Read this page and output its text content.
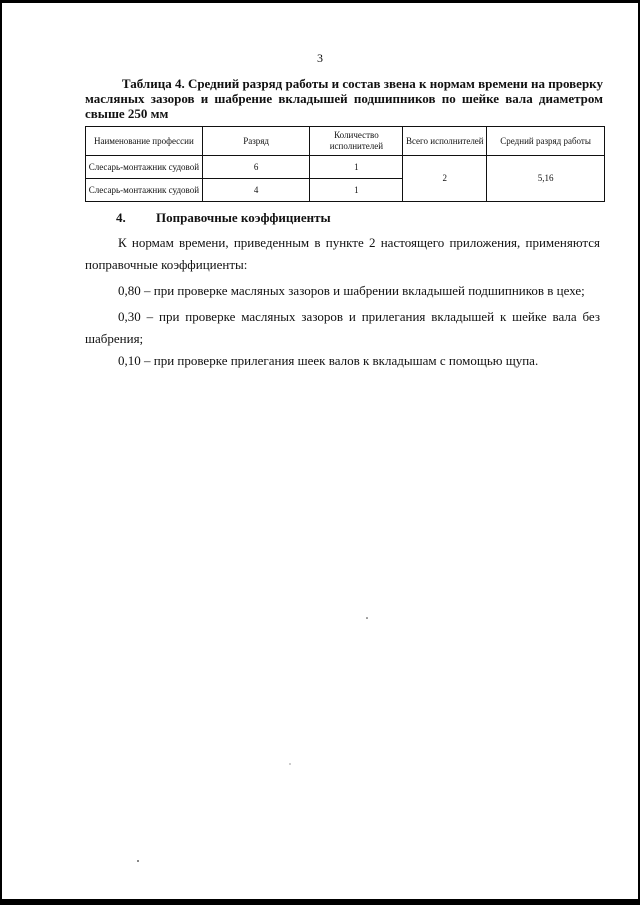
3
Таблица 4. Средний разряд работы и состав звена к нормам времени на проверку
масляных зазоров и шабрение вкладышей подшипников по шейке вала диаметром свыше 250 мм
Наименование профессии	Разряд	Количество исполнителей	Всего исполнителей	Средний разряд работы
Слесарь-монтажник судовой	6	1	2	5,16
Слесарь-монтажник судовой	4	1		
4. Поправочные коэффициенты
К нормам времени, приведенным в пункте 2 настоящего приложения, применяются поправочные коэффициенты:
0,80 – при проверке масляных зазоров и шабрении вкладышей подшипников в цехе;
0,30 – при проверке масляных зазоров и прилегания вкладышей к шейке вала без шабрения;
0,10 – при проверке прилегания шеек валов к вкладышам с помощью щупа.
